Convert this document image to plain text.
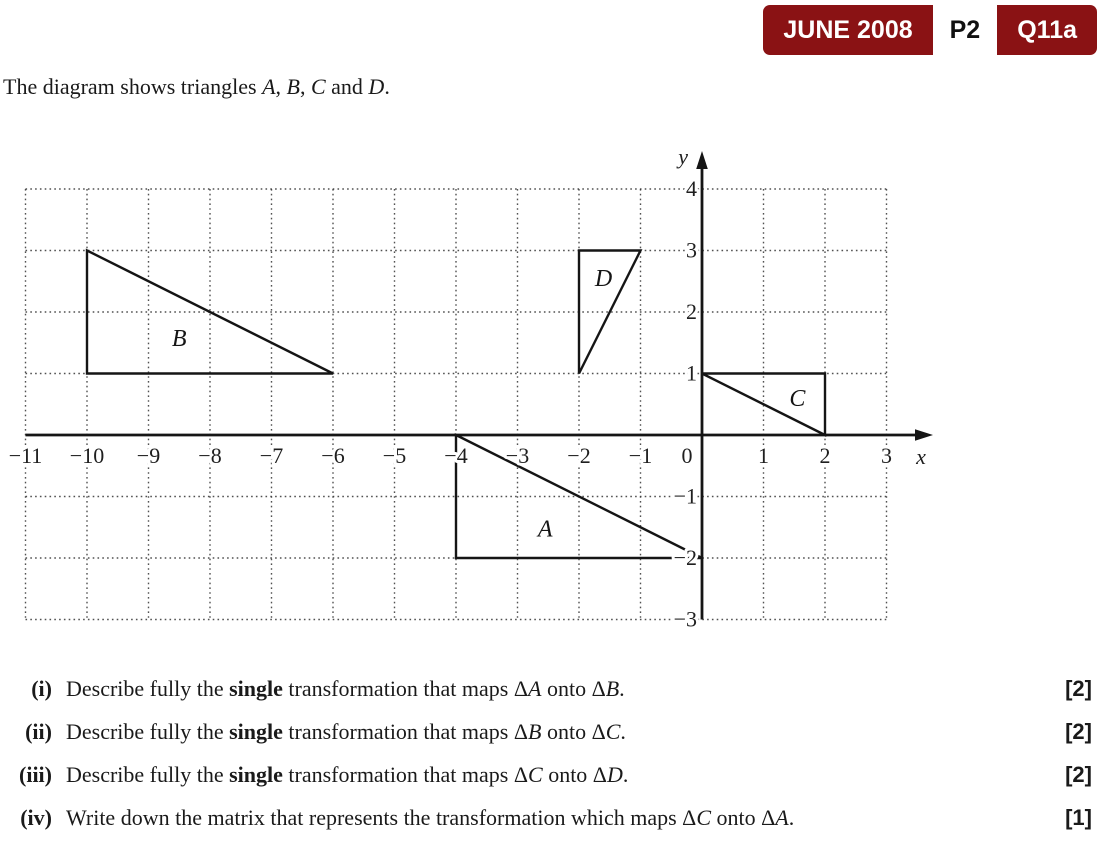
JUNE 2008	P2	Q11a
The diagram shows triangles A, B, C and D.
−11 −10 −9 −8 −7 −6 −5 −4 −3 −2 −1 0	1 2 3
4
3
2
1
−1
−2
−3
y
x
A
B
C
D
(i) Describe fully the single transformation that maps ΔA onto ΔB.	[2]
(ii) Describe fully the single transformation that maps ΔB onto ΔC.	[2]
(iii) Describe fully the single transformation that maps ΔC onto ΔD.	[2]
(iv) Write down the matrix that represents the transformation which maps ΔC onto ΔA.	[1]
